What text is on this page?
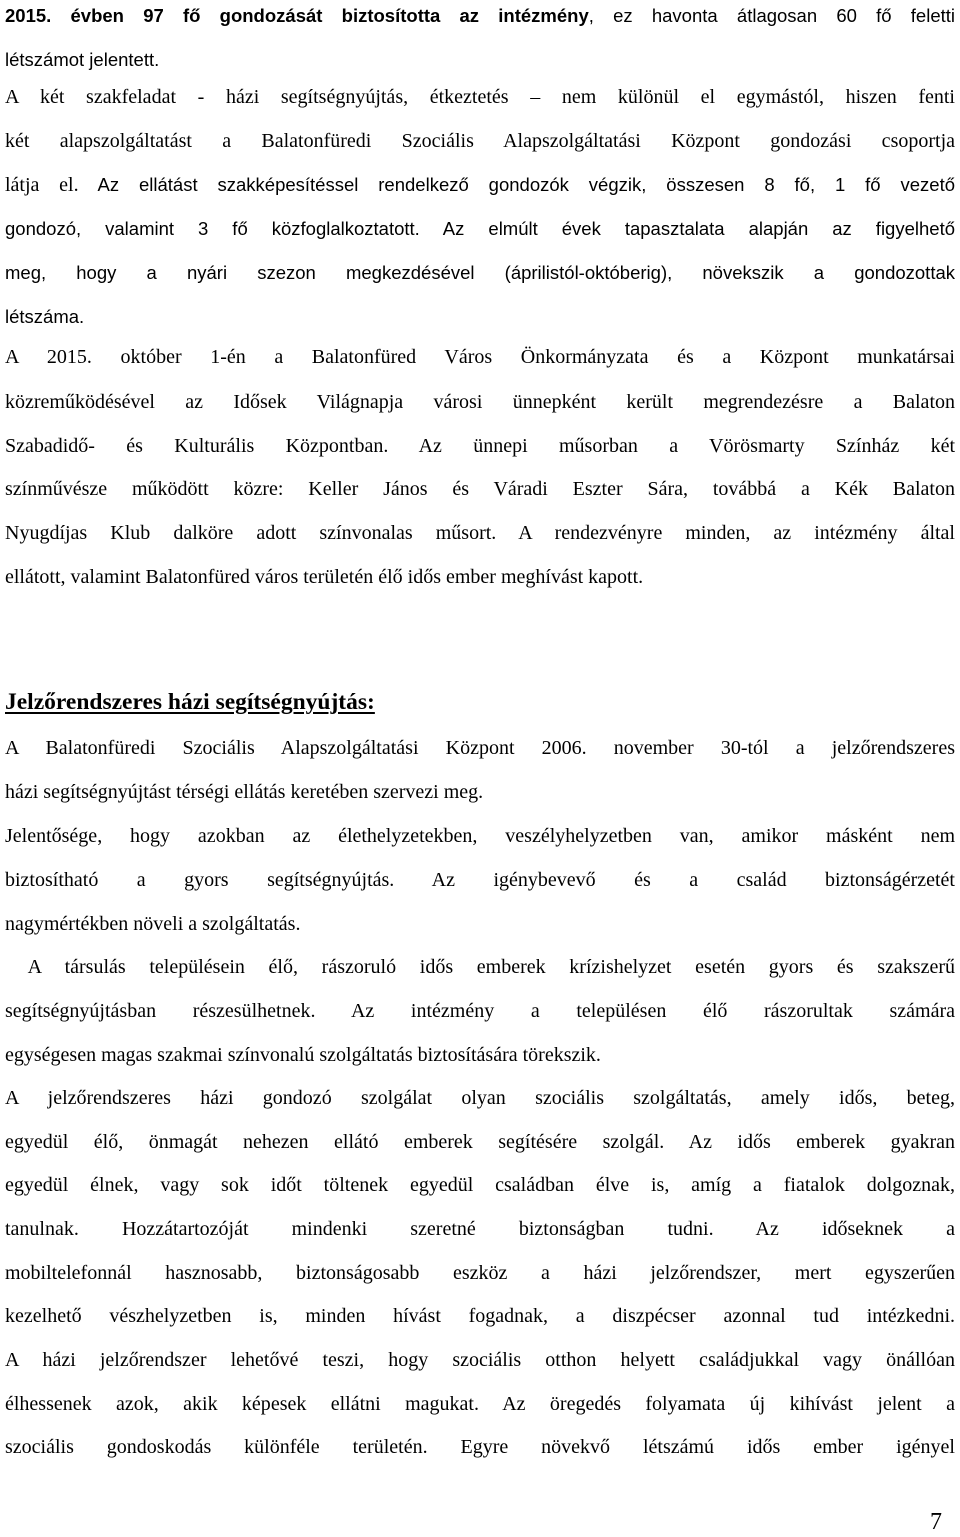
2015. évben 97 fő gondozását biztosította az intézmény, ez havonta átlagosan 60 fő feletti
létszámot jelentett.
A két szakfeladat - házi segítségnyújtás, étkeztetés – nem különül el egymástól, hiszen fenti
két alapszolgáltatást a Balatonfüredi Szociális Alapszolgáltatási Központ gondozási csoportja
látja el. Az ellátást szakképesítéssel rendelkező gondozók végzik, összesen 8 fő, 1 fő vezető
gondozó, valamint 3 fő közfoglalkoztatott. Az elmúlt évek tapasztalata alapján az figyelhető
meg, hogy a nyári szezon megkezdésével (áprilistól-októberig), növekszik a gondozottak
létszáma.
A 2015. október 1-én a Balatonfüred Város Önkormányzata és a Központ munkatársai
közreműködésével az Idősek Világnapja városi ünnepként került megrendezésre a Balaton
Szabadidő- és Kulturális Központban. Az ünnepi műsorban a Vörösmarty Színház két
színművésze működött közre: Keller János és Váradi Eszter Sára, továbbá a Kék Balaton
Nyugdíjas Klub dalköre adott színvonalas műsort. A rendezvényre minden, az intézmény által
ellátott, valamint Balatonfüred város területén élő idős ember meghívást kapott.
Jelzőrendszeres házi segítségnyújtás:
A Balatonfüredi Szociális Alapszolgáltatási Központ 2006. november 30-tól a jelzőrendszeres
házi segítségnyújtást térségi ellátás keretében szervezi meg.
Jelentősége, hogy azokban az élethelyzetekben, veszélyhelyzetben van, amikor másként nem
biztosítható a gyors segítségnyújtás. Az igénybevevő és a család biztonságérzetét
nagymértékben növeli a szolgáltatás.
A társulás településein élő, rászoruló idős emberek krízishelyzet esetén gyors és szakszerű
segítségnyújtásban részesülhetnek. Az intézmény a településen élő rászorultak számára
egységesen magas szakmai színvonalú szolgáltatás biztosítására törekszik.
A jelzőrendszeres házi gondozó szolgálat olyan szociális szolgáltatás, amely idős, beteg,
egyedül élő, önmagát nehezen ellátó emberek segítésére szolgál. Az idős emberek gyakran
egyedül élnek, vagy sok időt töltenek egyedül családban élve is, amíg a fiatalok dolgoznak,
tanulnak. Hozzátartozóját mindenki szeretné biztonságban tudni. Az időseknek a
mobiltelefonnál hasznosabb, biztonságosabb eszköz a házi jelzőrendszer, mert egyszerűen
kezelhető vészhelyzetben is, minden hívást fogadnak, a diszpécser azonnal tud intézkedni.
A házi jelzőrendszer lehetővé teszi, hogy szociális otthon helyett családjukkal vagy önállóan
élhessenek azok, akik képesek ellátni magukat. Az öregedés folyamata új kihívást jelent a
szociális gondoskodás különféle területén. Egyre növekvő létszámú idős ember igényel
7
